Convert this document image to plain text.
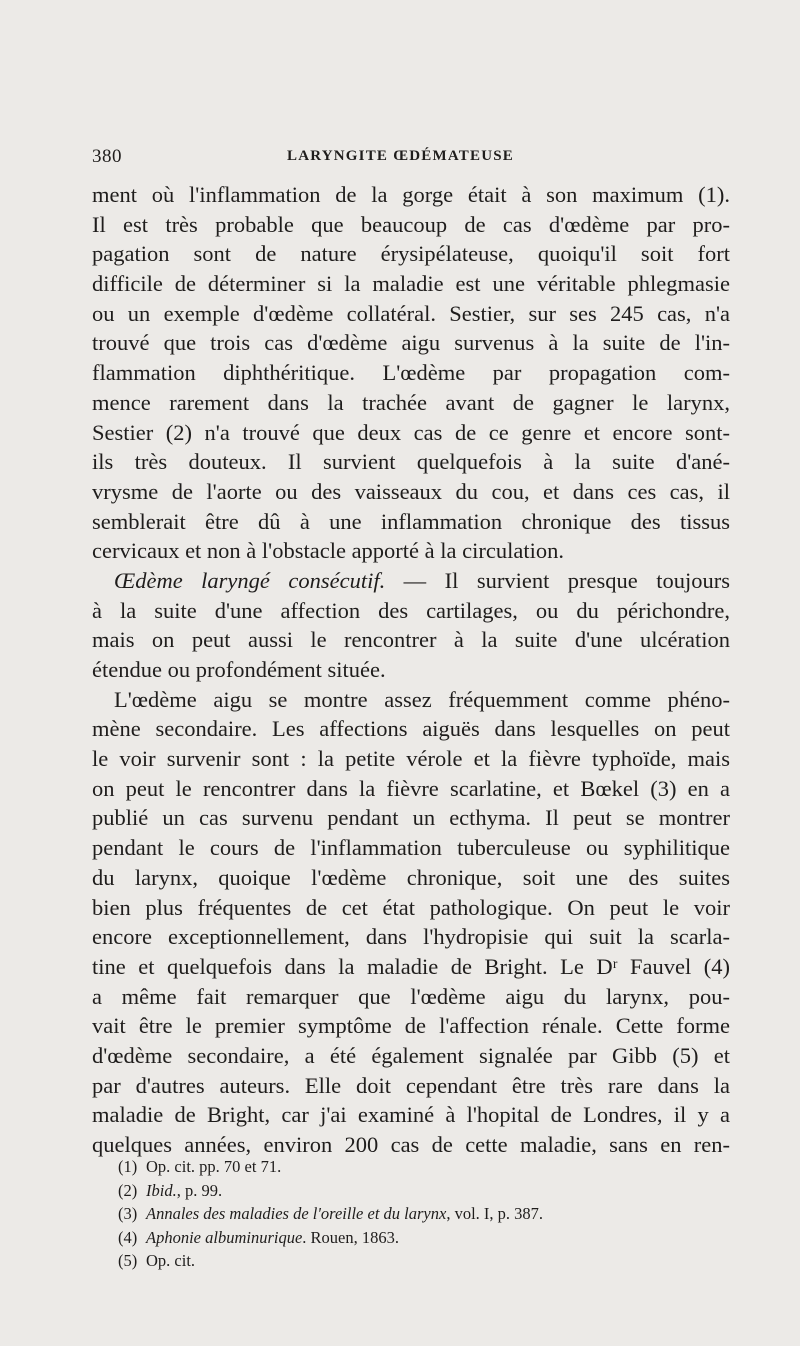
380	LARYNGITE ŒDÉMATEUSE
ment où l'inflammation de la gorge était à son maximum (1).
Il est très probable que beaucoup de cas d'œdème par pro-
pagation sont de nature érysipélateuse, quoiqu'il soit fort
difficile de déterminer si la maladie est une véritable phlegmasie
ou un exemple d'œdème collatéral. Sestier, sur ses 245 cas, n'a
trouvé que trois cas d'œdème aigu survenus à la suite de l'in-
flammation diphthéritique. L'œdème par propagation com-
mence rarement dans la trachée avant de gagner le larynx,
Sestier (2) n'a trouvé que deux cas de ce genre et encore sont-
ils très douteux. Il survient quelquefois à la suite d'ané-
vrysme de l'aorte ou des vaisseaux du cou, et dans ces cas, il
semblerait être dû à une inflammation chronique des tissus
cervicaux et non à l'obstacle apporté à la circulation.
Œdème laryngé consécutif. — Il survient presque toujours
à la suite d'une affection des cartilages, ou du périchondre,
mais on peut aussi le rencontrer à la suite d'une ulcération
étendue ou profondément située.
L'œdème aigu se montre assez fréquemment comme phéno-
mène secondaire. Les affections aiguës dans lesquelles on peut
le voir survenir sont : la petite vérole et la fièvre typhoïde, mais
on peut le rencontrer dans la fièvre scarlatine, et Bœkel (3) en a
publié un cas survenu pendant un ecthyma. Il peut se montrer
pendant le cours de l'inflammation tuberculeuse ou syphilitique
du larynx, quoique l'œdème chronique, soit une des suites
bien plus fréquentes de cet état pathologique. On peut le voir
encore exceptionnellement, dans l'hydropisie qui suit la scarla-
tine et quelquefois dans la maladie de Bright. Le Dʳ Fauvel (4)
a même fait remarquer que l'œdème aigu du larynx, pou-
vait être le premier symptôme de l'affection rénale. Cette forme
d'œdème secondaire, a été également signalée par Gibb (5) et
par d'autres auteurs. Elle doit cependant être très rare dans la
maladie de Bright, car j'ai examiné à l'hopital de Londres, il y a
quelques années, environ 200 cas de cette maladie, sans en ren-
(1) Op. cit. pp. 70 et 71.
(2) Ibid., p. 99.
(3) Annales des maladies de l'oreille et du larynx, vol. I, p. 387.
(4) Aphonie albuminurique. Rouen, 1863.
(5) Op. cit.
